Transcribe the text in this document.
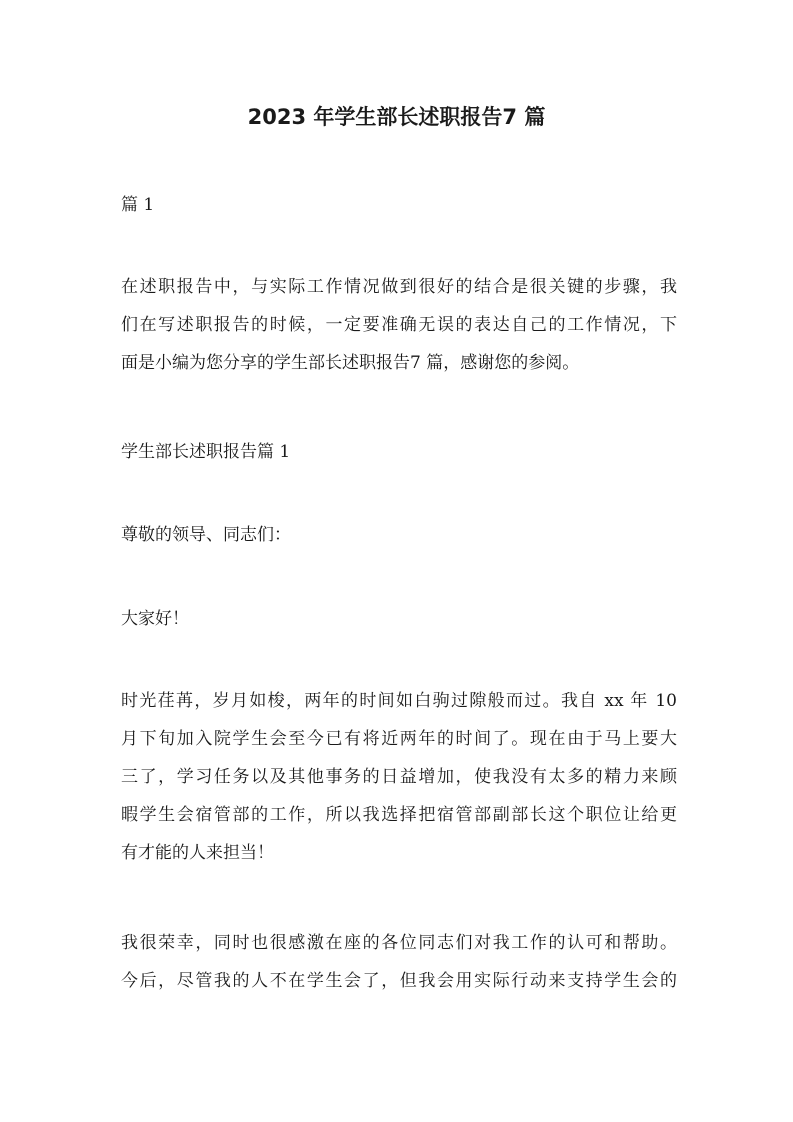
2023 年学生部长述职报告7 篇

篇 1

在述职报告中，与实际工作情况做到很好的结合是很关键的步骤，我

们在写述职报告的时候，一定要准确无误的表达自己的工作情况，下

面是小编为您分享的学生部长述职报告7 篇，感谢您的参阅。

学生部长述职报告篇 1

尊敬的领导、同志们：

大家好！

时光荏苒，岁月如梭，两年的时间如白驹过隙般而过。我自 xx 年 10

月下旬加入院学生会至今已有将近两年的时间了。现在由于马上要大

三了，学习任务以及其他事务的日益增加，使我没有太多的精力来顾

暇学生会宿管部的工作，所以我选择把宿管部副部长这个职位让给更

有才能的人来担当！

我很荣幸，同时也很感激在座的各位同志们对我工作的认可和帮助。

今后，尽管我的人不在学生会了，但我会用实际行动来支持学生会的
